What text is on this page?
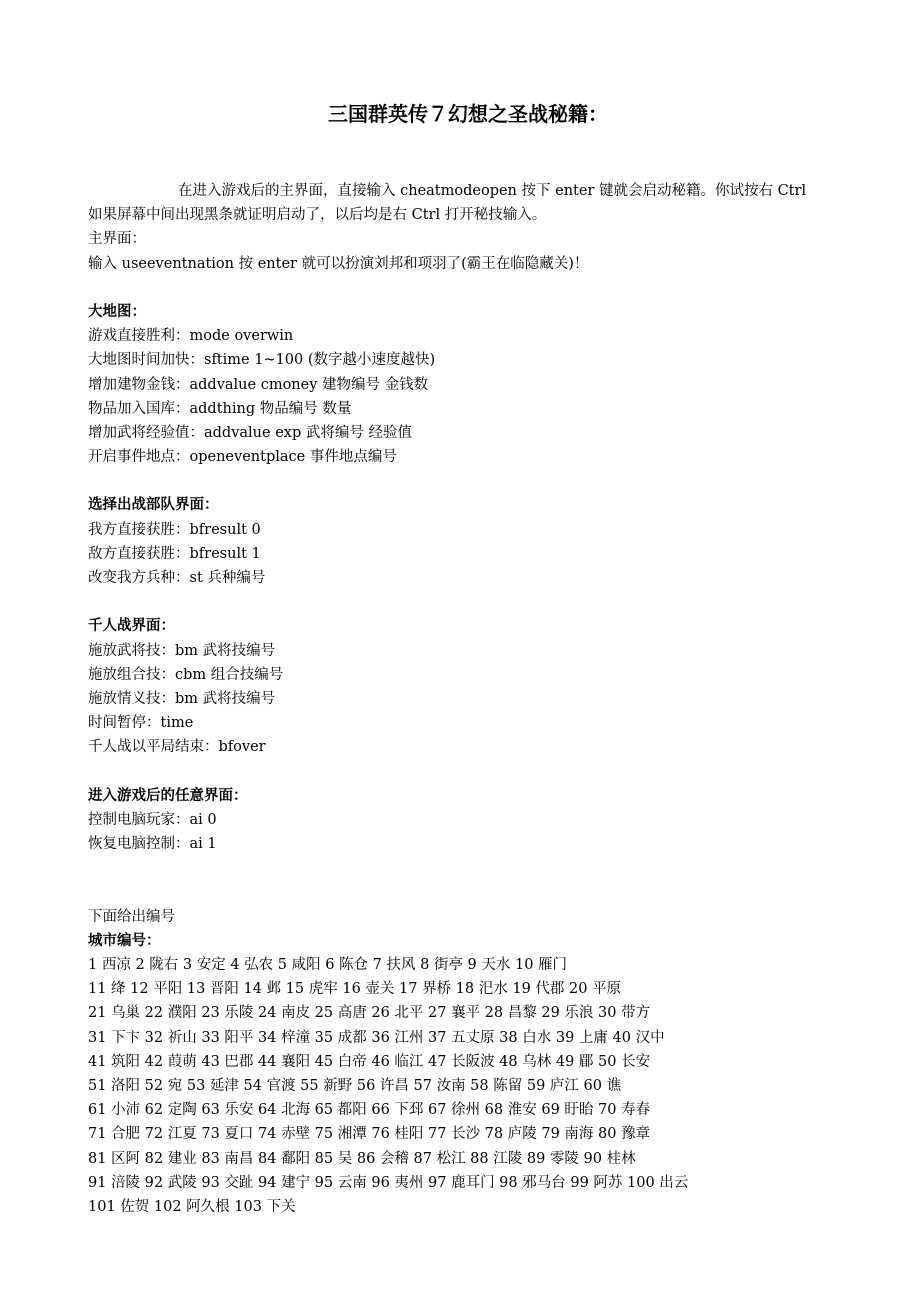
三国群英传７幻想之圣战秘籍：
在进入游戏后的主界面，直接输入 cheatmodeopen 按下 enter 键就会启动秘籍。你试按右 Ctrl
如果屏幕中间出现黑条就证明启动了，以后均是右 Ctrl 打开秘技输入。
主界面：
输入 useeventnation 按 enter 就可以扮演刘邦和项羽了(霸王在临隐藏关)！
大地图：
游戏直接胜利：mode overwin
大地图时间加快：sftime 1~100 (数字越小速度越快)
增加建物金钱：addvalue cmoney 建物编号 金钱数
物品加入国库：addthing 物品编号 数量
增加武将经验值：addvalue exp 武将编号 经验值
开启事件地点：openeventplace 事件地点编号
选择出战部队界面：
我方直接获胜：bfresult 0
敌方直接获胜：bfresult 1
改变我方兵种：st 兵种编号
千人战界面：
施放武将技：bm 武将技编号
施放组合技：cbm 组合技编号
施放情义技：bm 武将技编号
时间暂停：time
千人战以平局结束：bfover
进入游戏后的任意界面：
控制电脑玩家：ai 0
恢复电脑控制：ai 1
下面给出编号
城市编号：
1 西凉 2 陇右 3 安定 4 弘农 5 咸阳 6 陈仓 7 扶风 8 街亭 9 天水 10 雁门
11 绛 12 平阳 13 晋阳 14 邺 15 虎牢 16 壶关 17 界桥 18 汜水 19 代郡 20 平原
21 乌巢 22 濮阳 23 乐陵 24 南皮 25 高唐 26 北平 27 襄平 28 昌黎 29 乐浪 30 带方
31 下卞 32 祈山 33 阳平 34 梓潼 35 成都 36 江州 37 五丈原 38 白水 39 上庸 40 汉中
41 筑阳 42 葭萌 43 巴郡 44 襄阳 45 白帝 46 临江 47 长阪波 48 乌林 49 郿 50 长安
51 洛阳 52 宛 53 延津 54 官渡 55 新野 56 许昌 57 汝南 58 陈留 59 庐江 60 谯
61 小沛 62 定陶 63 乐安 64 北海 65 都阳 66 下邳 67 徐州 68 淮安 69 盱眙 70 寿春
71 合肥 72 江夏 73 夏口 74 赤壁 75 湘潭 76 桂阳 77 长沙 78 庐陵 79 南海 80 豫章
81 区阿 82 建业 83 南昌 84 鄱阳 85 吴 86 会稽 87 松江 88 江陵 89 零陵 90 桂林
91 涪陵 92 武陵 93 交趾 94 建宁 95 云南 96 夷州 97 鹿耳门 98 邪马台 99 阿苏 100 出云
101 佐贺 102 阿久根 103 下关
